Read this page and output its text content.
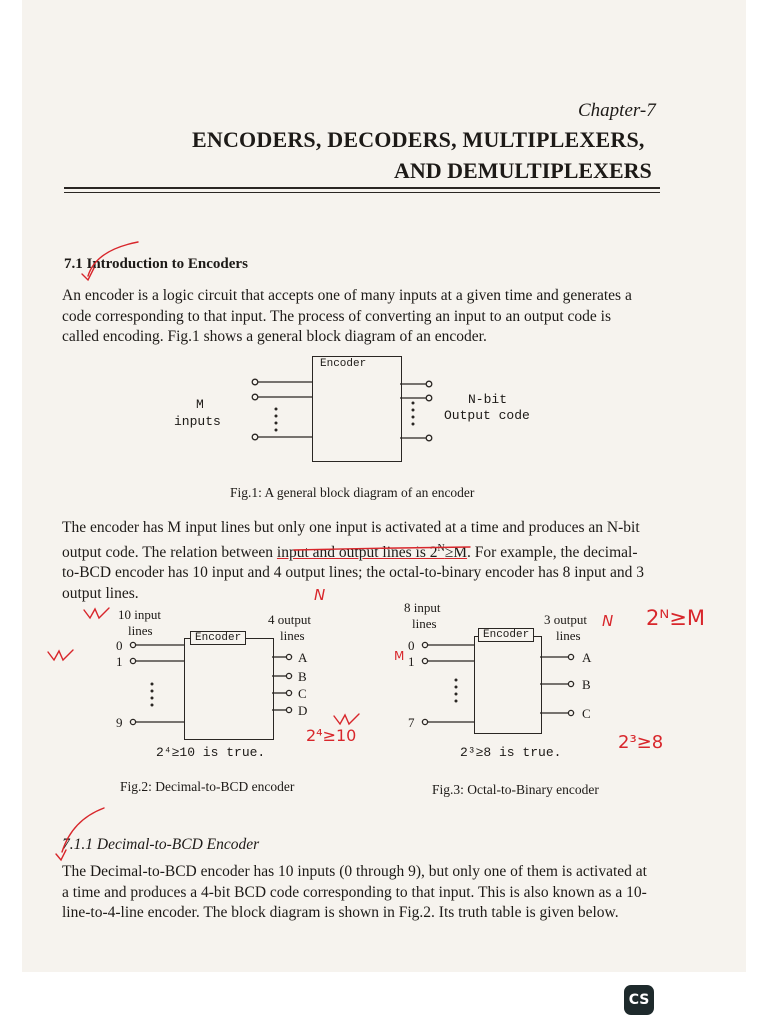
Chapter-7
ENCODERS, DECODERS, MULTIPLEXERS,
AND DEMULTIPLEXERS
7.1 Introduction to Encoders
An encoder is a logic circuit that accepts one of many inputs at a given time and generates a
code corresponding to that input. The process of converting an input to an output code is
called encoding. Fig.1 shows a general block diagram of an encoder.
Encoder
M
inputs
N-bit
Output code
Fig.1: A general block diagram of an encoder
The encoder has M input lines but only one input is activated at a time and produces an N-bit
output code. The relation between input and output lines is $2^N\ge M$. For example, the decimal-
to-BCD encoder has 10 input and 4 output lines; the octal-to-binary encoder has 8 input and 3
output lines.
10 input
lines
4 output
lines
Encoder
0
1
9
A
B
C
D
2⁴≥10 is true.
Fig.2: Decimal-to-BCD encoder
8 input
lines	3 output
lines
Encoder
0
1
7
A
B
C
2³≥8 is true.
Fig.3: Octal-to-Binary encoder
7.1.1 Decimal-to-BCD Encoder
The Decimal-to-BCD encoder has 10 inputs (0 through 9), but only one of them is activated at
a time and produces a 4-bit BCD code corresponding to that input. This is also known as a 10-
line-to-4-line encoder. The block diagram is shown in Fig.2. Its truth table is given below.
N
N
M
2ᴺ≥M
2⁴≥10	2³≥8
CS
